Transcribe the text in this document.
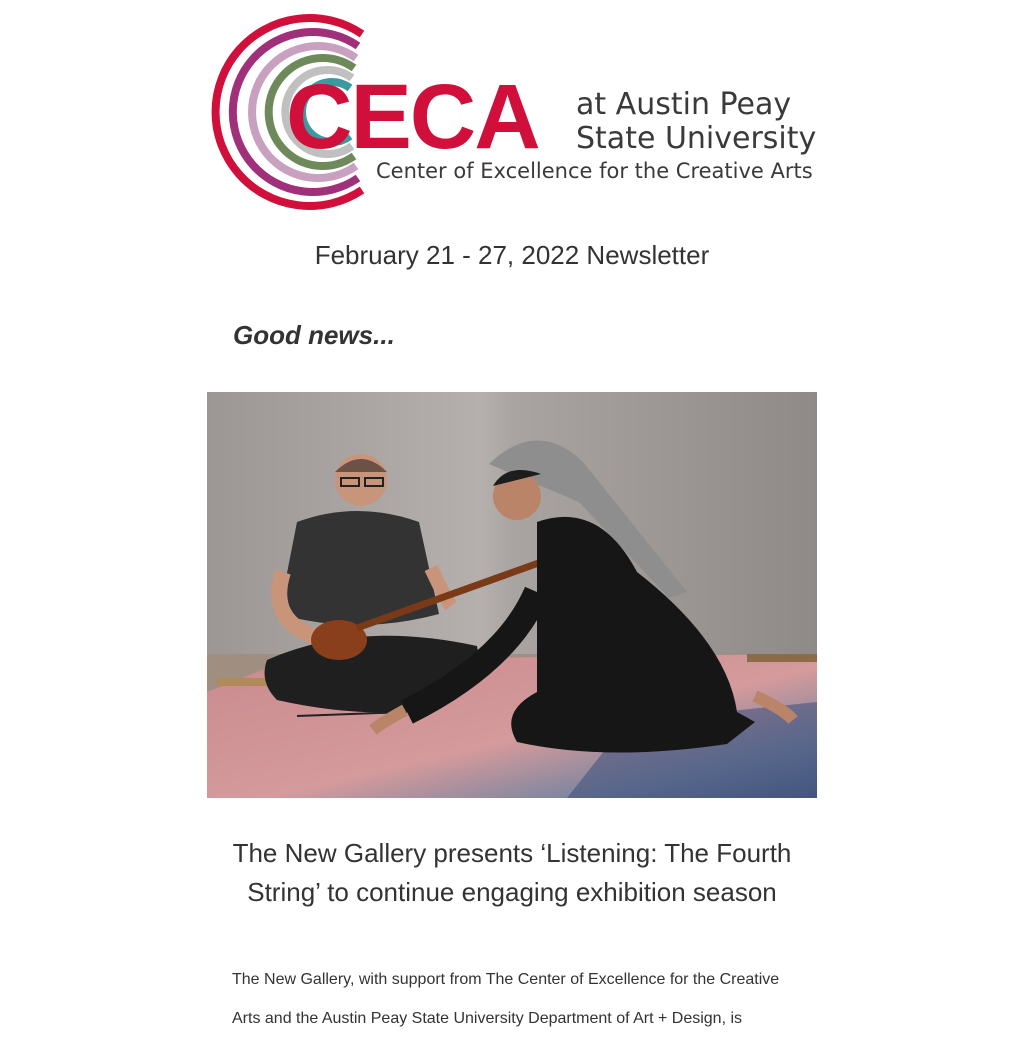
CECA at Austin Peay
State University
Center of Excellence for the Creative Arts
February 21 - 27, 2022 Newsletter
Good news...
The New Gallery presents ‘Listening: The Fourth String’ to continue engaging exhibition season
The New Gallery, with support from The Center of Excellence for the Creative Arts and the Austin Peay State University Department of Art + Design, is
